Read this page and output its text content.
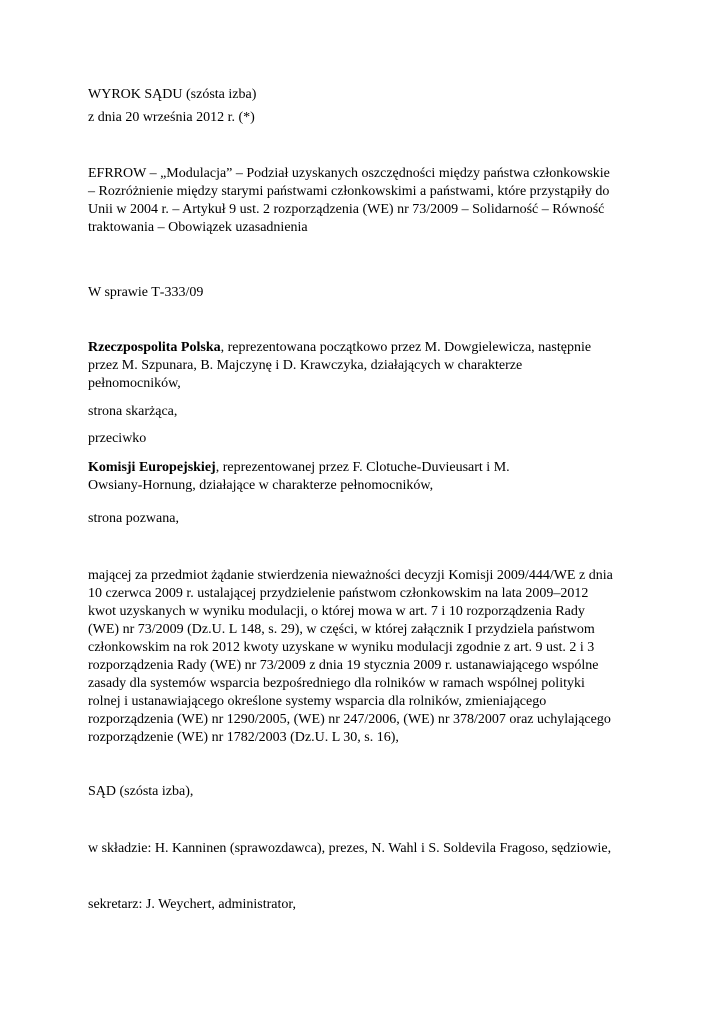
WYROK SĄDU (szósta izba)

z dnia 20 września 2012 r. (*)

EFRROW – „Modulacja” – Podział uzyskanych oszczędności między państwa członkowskie
– Rozróżnienie między starymi państwami członkowskimi a państwami, które przystąpiły do
Unii w 2004 r. – Artykuł 9 ust. 2 rozporządzenia (WE) nr 73/2009 – Solidarność – Równość
traktowania – Obowiązek uzasadnienia

W sprawie T‑333/09

Rzeczpospolita Polska, reprezentowana początkowo przez M. Dowgielewicza, następnie
przez M. Szpunara, B. Majczynę i D. Krawczyka, działających w charakterze
pełnomocników,

strona skarżąca,

przeciwko

Komisji Europejskiej, reprezentowanej przez F. Clotuche‑Duvieusart i M.
Owsiany‑Hornung, działające w charakterze pełnomocników,

strona pozwana,

mającej za przedmiot żądanie stwierdzenia nieważności decyzji Komisji 2009/444/WE z dnia
10 czerwca 2009 r. ustalającej przydzielenie państwom członkowskim na lata 2009–2012
kwot uzyskanych w wyniku modulacji, o której mowa w art. 7 i 10 rozporządzenia Rady
(WE) nr 73/2009 (Dz.U. L 148, s. 29), w części, w której załącznik I przydziela państwom
członkowskim na rok 2012 kwoty uzyskane w wyniku modulacji zgodnie z art. 9 ust. 2 i 3
rozporządzenia Rady (WE) nr 73/2009 z dnia 19 stycznia 2009 r. ustanawiającego wspólne
zasady dla systemów wsparcia bezpośredniego dla rolników w ramach wspólnej polityki
rolnej i ustanawiającego określone systemy wsparcia dla rolników, zmieniającego
rozporządzenia (WE) nr 1290/2005, (WE) nr 247/2006, (WE) nr 378/2007 oraz uchylającego
rozporządzenie (WE) nr 1782/2003 (Dz.U. L 30, s. 16),

SĄD (szósta izba),

w składzie: H. Kanninen (sprawozdawca), prezes, N. Wahl i S. Soldevila Fragoso, sędziowie,

sekretarz: J. Weychert, administrator,
